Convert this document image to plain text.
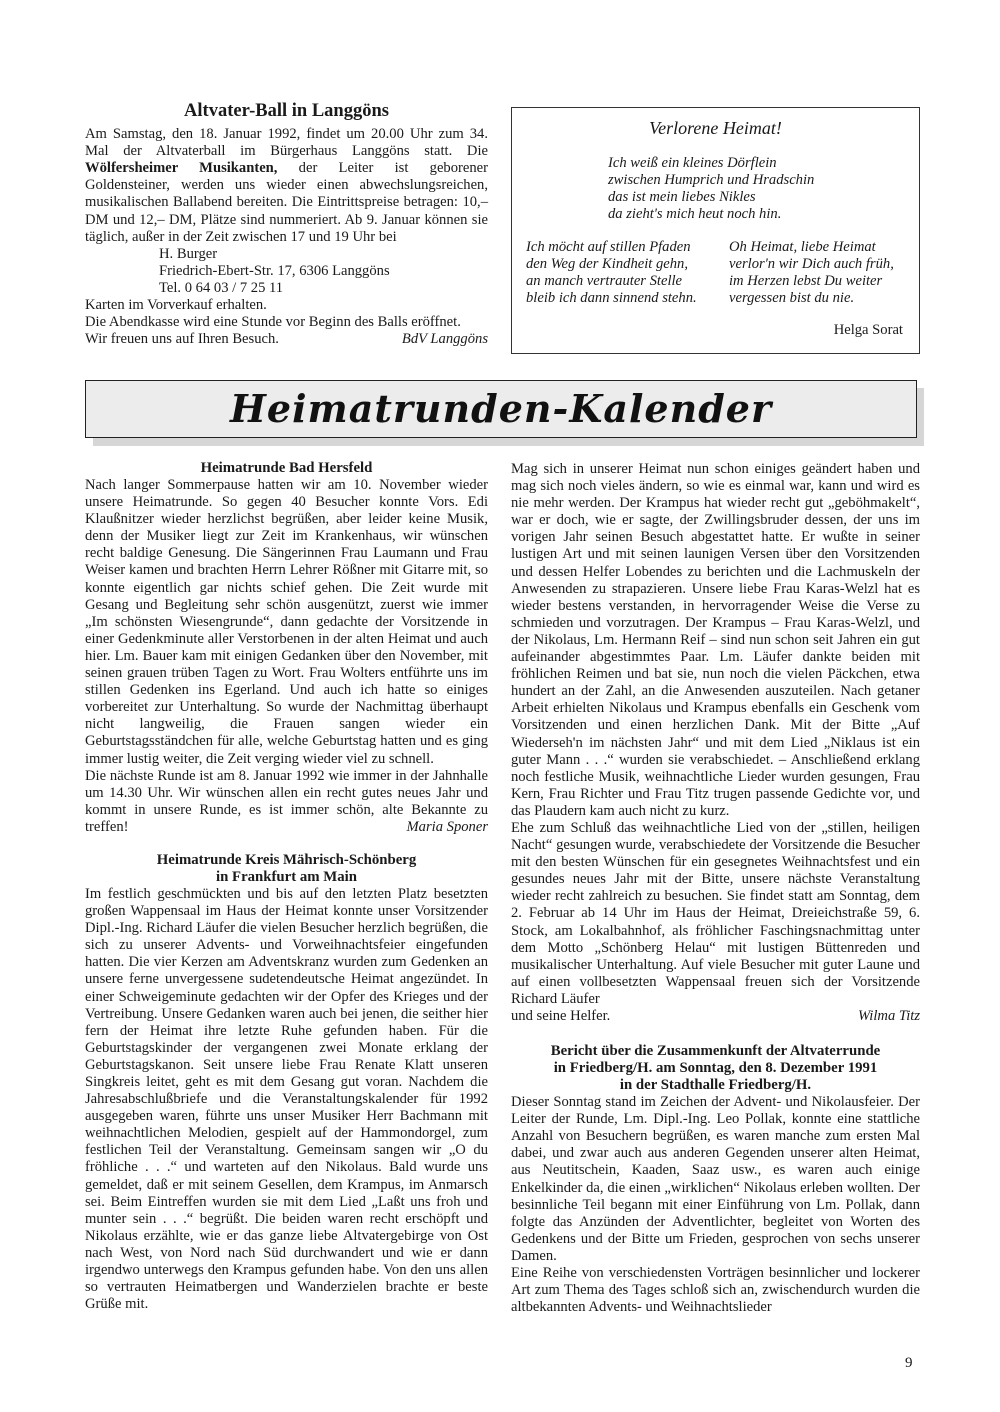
Altvater-Ball in Langgöns

Am Samstag, den 18. Januar 1992, findet um 20.00 Uhr zum 34. Mal der Altvaterball im Bürgerhaus Langgöns statt. Die Wölfersheimer Musikanten, der Leiter ist geborener Goldensteiner, werden uns wieder einen abwechslungsreichen, musikalischen Ballabend bereiten. Die Eintrittspreise betragen: 10,– DM und 12,– DM, Plätze sind nummeriert. Ab 9. Januar können sie täglich, außer in der Zeit zwischen 17 und 19 Uhr bei

H. Burger

Friedrich-Ebert-Str. 17, 6306 Langgöns

Tel. 0 64 03 / 7 25 11

Karten im Vorverkauf erhalten.

Die Abendkasse wird eine Stunde vor Beginn des Balls eröffnet.

Wir freuen uns auf Ihren Besuch.	BdV Langgöns

Verlorene Heimat!

Ich weiß ein kleines Dörflein

zwischen Humprich und Hradschin

das ist mein liebes Nikles

da zieht's mich heut noch hin.

Ich möcht auf stillen Pfaden

den Weg der Kindheit gehn,

an manch vertrauter Stelle

bleib ich dann sinnend stehn.

Oh Heimat, liebe Heimat

verlor'n wir Dich auch früh,

im Herzen lebst Du weiter

vergessen bist du nie.

Helga Sorat
Heimatrunden-Kalender
Heimatrunde Bad Hersfeld

Nach langer Sommerpause hatten wir am 10. November wieder unsere Heimatrunde. So gegen 40 Besucher konnte Vors. Edi Klaußnitzer wieder herzlichst begrüßen, aber leider keine Musik, denn der Musiker liegt zur Zeit im Krankenhaus, wir wünschen recht baldige Genesung. Die Sängerinnen Frau Laumann und Frau Weiser kamen und brachten Herrn Lehrer Rößner mit Gitarre mit, so konnte eigentlich gar nichts schief gehen. Die Zeit wurde mit Gesang und Begleitung sehr schön ausgenützt, zuerst wie immer „Im schönsten Wiesengrunde“, dann gedachte der Vorsitzende in einer Gedenkminute aller Verstorbenen in der alten Heimat und auch hier. Lm. Bauer kam mit einigen Gedanken über den November, mit seinen grauen trüben Tagen zu Wort. Frau Wolters entführte uns im stillen Gedenken ins Egerland. Und auch ich hatte so einiges vorbereitet zur Unterhaltung. So wurde der Nachmittag überhaupt nicht langweilig, die Frauen sangen wieder ein Geburtstagsständchen für alle, welche Geburtstag hatten und es ging immer lustig weiter, die Zeit verging wieder viel zu schnell.

Die nächste Runde ist am 8. Januar 1992 wie immer in der Jahnhalle um 14.30 Uhr. Wir wünschen allen ein recht gutes neues Jahr und kommt in unsere Runde, es ist immer schön, alte Bekannte zu treffen!	Maria Sponer

Heimatrunde Kreis Mährisch-Schönberg
in Frankfurt am Main

Im festlich geschmückten und bis auf den letzten Platz besetzten großen Wappensaal im Haus der Heimat konnte unser Vorsitzender Dipl.-Ing. Richard Läufer die vielen Besucher herzlich begrüßen, die sich zu unserer Advents- und Vorweihnachtsfeier eingefunden hatten. Die vier Kerzen am Adventskranz wurden zum Gedenken an unsere ferne unvergessene sudetendeutsche Heimat angezündet. In einer Schweigeminute gedachten wir der Opfer des Krieges und der Vertreibung. Unsere Gedanken waren auch bei jenen, die seither hier fern der Heimat ihre letzte Ruhe gefunden haben. Für die Geburtstagskinder der vergangenen zwei Monate erklang der Geburtstagskanon. Seit unsere liebe Frau Renate Klatt unseren Singkreis leitet, geht es mit dem Gesang gut voran. Nachdem die Jahresabschlußbriefe und die Veranstaltungskalender für 1992 ausgegeben waren, führte uns unser Musiker Herr Bachmann mit weihnachtlichen Melodien, gespielt auf der Hammondorgel, zum festlichen Teil der Veranstaltung. Gemeinsam sangen wir „O du fröhliche . . .“ und warteten auf den Nikolaus. Bald wurde uns gemeldet, daß er mit seinem Gesellen, dem Krampus, im Anmarsch sei. Beim Eintreffen wurden sie mit dem Lied „Laßt uns froh und munter sein . . .“ begrüßt. Die beiden waren recht erschöpft und Nikolaus erzählte, wie er das ganze liebe Altvatergebirge von Ost nach West, von Nord nach Süd durchwandert und wie er dann irgendwo unterwegs den Krampus gefunden habe. Von den uns allen so vertrauten Heimatbergen und Wanderzielen brachte er beste Grüße mit.

Mag sich in unserer Heimat nun schon einiges geändert haben und mag sich noch vieles ändern, so wie es einmal war, kann und wird es nie mehr werden. Der Krampus hat wieder recht gut „geböhmakelt“, war er doch, wie er sagte, der Zwillingsbruder dessen, der uns im vorigen Jahr seinen Besuch abgestattet hatte. Er wußte in seiner lustigen Art und mit seinen launigen Versen über den Vorsitzenden und dessen Helfer Lobendes zu berichten und die Lachmuskeln der Anwesenden zu strapazieren. Unsere liebe Frau Karas-Welzl hat es wieder bestens verstanden, in hervorragender Weise die Verse zu schmieden und vorzutragen. Der Krampus – Frau Karas-Welzl, und der Nikolaus, Lm. Hermann Reif – sind nun schon seit Jahren ein gut aufeinander abgestimmtes Paar. Lm. Läufer dankte beiden mit fröhlichen Reimen und bat sie, nun noch die vielen Päckchen, etwa hundert an der Zahl, an die Anwesenden auszuteilen. Nach getaner Arbeit erhielten Nikolaus und Krampus ebenfalls ein Geschenk vom Vorsitzenden und einen herzlichen Dank. Mit der Bitte „Auf Wiederseh'n im nächsten Jahr“ und mit dem Lied „Niklaus ist ein guter Mann . . .“ wurden sie verabschiedet. – Anschließend erklang noch festliche Musik, weihnachtliche Lieder wurden gesungen, Frau Kern, Frau Richter und Frau Titz trugen passende Gedichte vor, und das Plaudern kam auch nicht zu kurz.

Ehe zum Schluß das weihnachtliche Lied von der „stillen, heiligen Nacht“ gesungen wurde, verabschiedete der Vorsitzende die Besucher mit den besten Wünschen für ein gesegnetes Weihnachtsfest und ein gesundes neues Jahr mit der Bitte, unsere nächste Veranstaltung wieder recht zahlreich zu besuchen. Sie findet statt am Sonntag, dem 2. Februar ab 14 Uhr im Haus der Heimat, Dreieichstraße 59, 6. Stock, am Lokalbahnhof, als fröhlicher Faschingsnachmittag unter dem Motto „Schönberg Helau“ mit lustigen Büttenreden und musikalischer Unterhaltung. Auf viele Besucher mit guter Laune und auf einen vollbesetzten Wappensaal freuen sich der Vorsitzende Richard Läufer

und seine Helfer.	Wilma Titz

Bericht über die Zusammenkunft der Altvaterrunde
in Friedberg/H. am Sonntag, den 8. Dezember 1991
in der Stadthalle Friedberg/H.

Dieser Sonntag stand im Zeichen der Advent- und Nikolausfeier. Der Leiter der Runde, Lm. Dipl.-Ing. Leo Pollak, konnte eine stattliche Anzahl von Besuchern begrüßen, es waren manche zum ersten Mal dabei, und zwar auch aus anderen Gegenden unserer alten Heimat, aus Neutitschein, Kaaden, Saaz usw., es waren auch einige Enkelkinder da, die einen „wirklichen“ Nikolaus erleben wollten. Der besinnliche Teil begann mit einer Einführung von Lm. Pollak, dann folgte das Anzünden der Adventlichter, begleitet von Worten des Gedenkens und der Bitte um Frieden, gesprochen von sechs unserer Damen.

Eine Reihe von verschiedensten Vorträgen besinnlicher und lockerer Art zum Thema des Tages schloß sich an, zwischendurch wurden die altbekannten Advents- und Weihnachtslieder

9
